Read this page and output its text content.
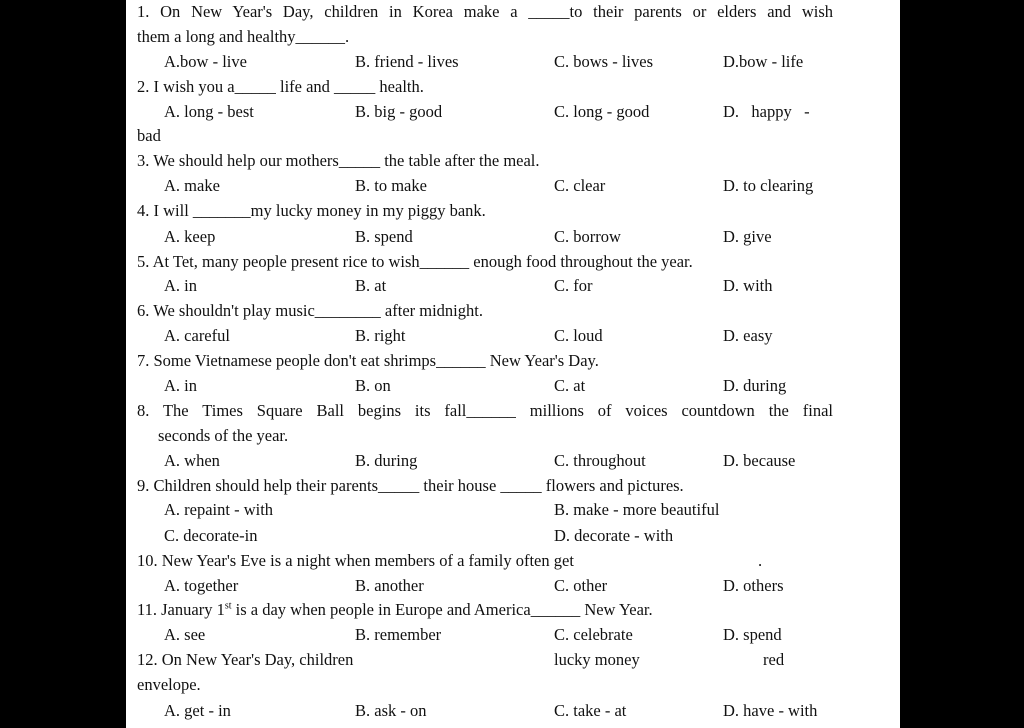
1. On New Year's Day, children in Korea make a _____to their parents or elders and wish
them a long and healthy______.
A.bow - live	B. friend - lives	C. bows - lives	D.bow - life
2. I wish you a_____ life and _____ health.
A. long - best	B. big - good	C. long - good	D.   happy   -
bad
3. We should help our mothers_____ the table after the meal.
A. make	B. to make	C. clear	D. to clearing
4. I will _______my lucky money in my piggy bank.
A. keep	B. spend	C. borrow	D. give
5. At Tet, many people present rice to wish______ enough food throughout the year.
A. in	B. at	C. for	D. with
6. We shouldn't play music________ after midnight.
A. careful	B. right	C. loud	D. easy
7. Some Vietnamese people don't eat shrimps______ New Year's Day.
A. in	B. on	C. at	D. during
8. The Times Square Ball begins its fall______ millions of voices countdown the final
seconds of the year.
A. when	B. during	C. throughout	D. because
9. Children should help their parents_____ their house _____ flowers and pictures.
A. repaint - with	B. make - more beautiful
C. decorate-in	D. decorate - with
10. New Year's Eve is a night when members of a family often get	.
A. together	B. another	C. other	D. others
11. January 1st is a day when people in Europe and America______ New Year.
A. see	B. remember	C. celebrate	D. spend
12. On New Year's Day, children	lucky money	red
envelope.
A. get - in	B. ask - on	C. take - at	D. have - with
